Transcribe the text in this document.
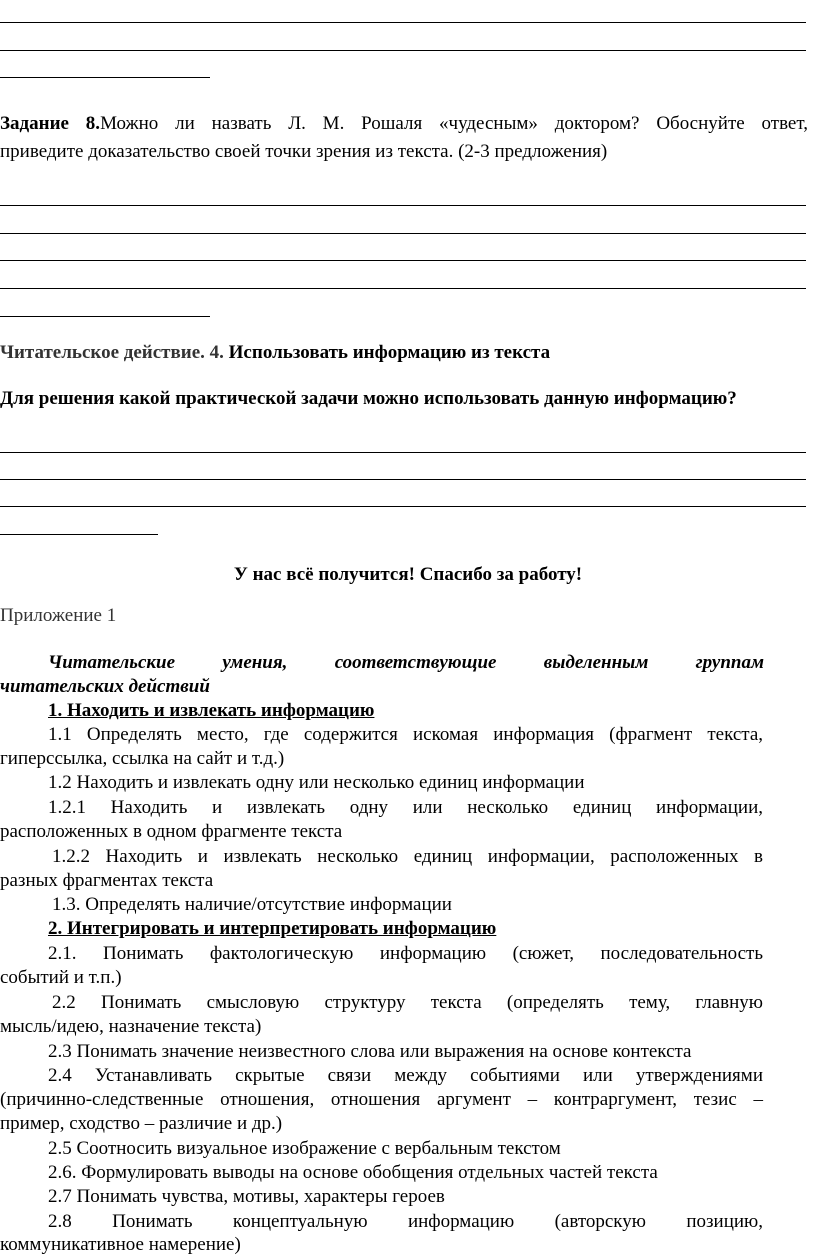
Задание 8.Можно ли назвать Л. М. Рошаля «чудесным» доктором? Обоснуйте ответ,
приведите доказательство своей точки зрения из текста. (2-3 предложения)
Читательское действие. 4. Использовать информацию из текста
Для решения какой практической задачи можно использовать данную информацию?
У нас всё получится! Спасибо за работу!
Приложение 1
Читательские умения, соответствующие выделенным группам
читательских действий
1. Находить и извлекать информацию
1.1 Определять место, где содержится искомая информация (фрагмент текста,
гиперссылка, ссылка на сайт и т.д.)
1.2 Находить и извлекать одну или несколько единиц информации
1.2.1 Находить и извлекать одну или несколько единиц информации,
расположенных в одном фрагменте текста
1.2.2 Находить и извлекать несколько единиц информации, расположенных в
разных фрагментах текста
1.3. Определять наличие/отсутствие информации
2. Интегрировать и интерпретировать информацию
2.1. Понимать фактологическую информацию (сюжет, последовательность
событий и т.п.)
2.2 Понимать смысловую структуру текста (определять тему, главную
мысль/идею, назначение текста)
2.3 Понимать значение неизвестного слова или выражения на основе контекста
2.4 Устанавливать скрытые связи между событиями или утверждениями
(причинно-следственные отношения, отношения аргумент – контраргумент, тезис –
пример, сходство – различие и др.)
2.5 Соотносить визуальное изображение с вербальным текстом
2.6. Формулировать выводы на основе обобщения отдельных частей текста
2.7 Понимать чувства, мотивы, характеры героев
2.8 Понимать концептуальную информацию (авторскую позицию,
коммуникативное намерение)
